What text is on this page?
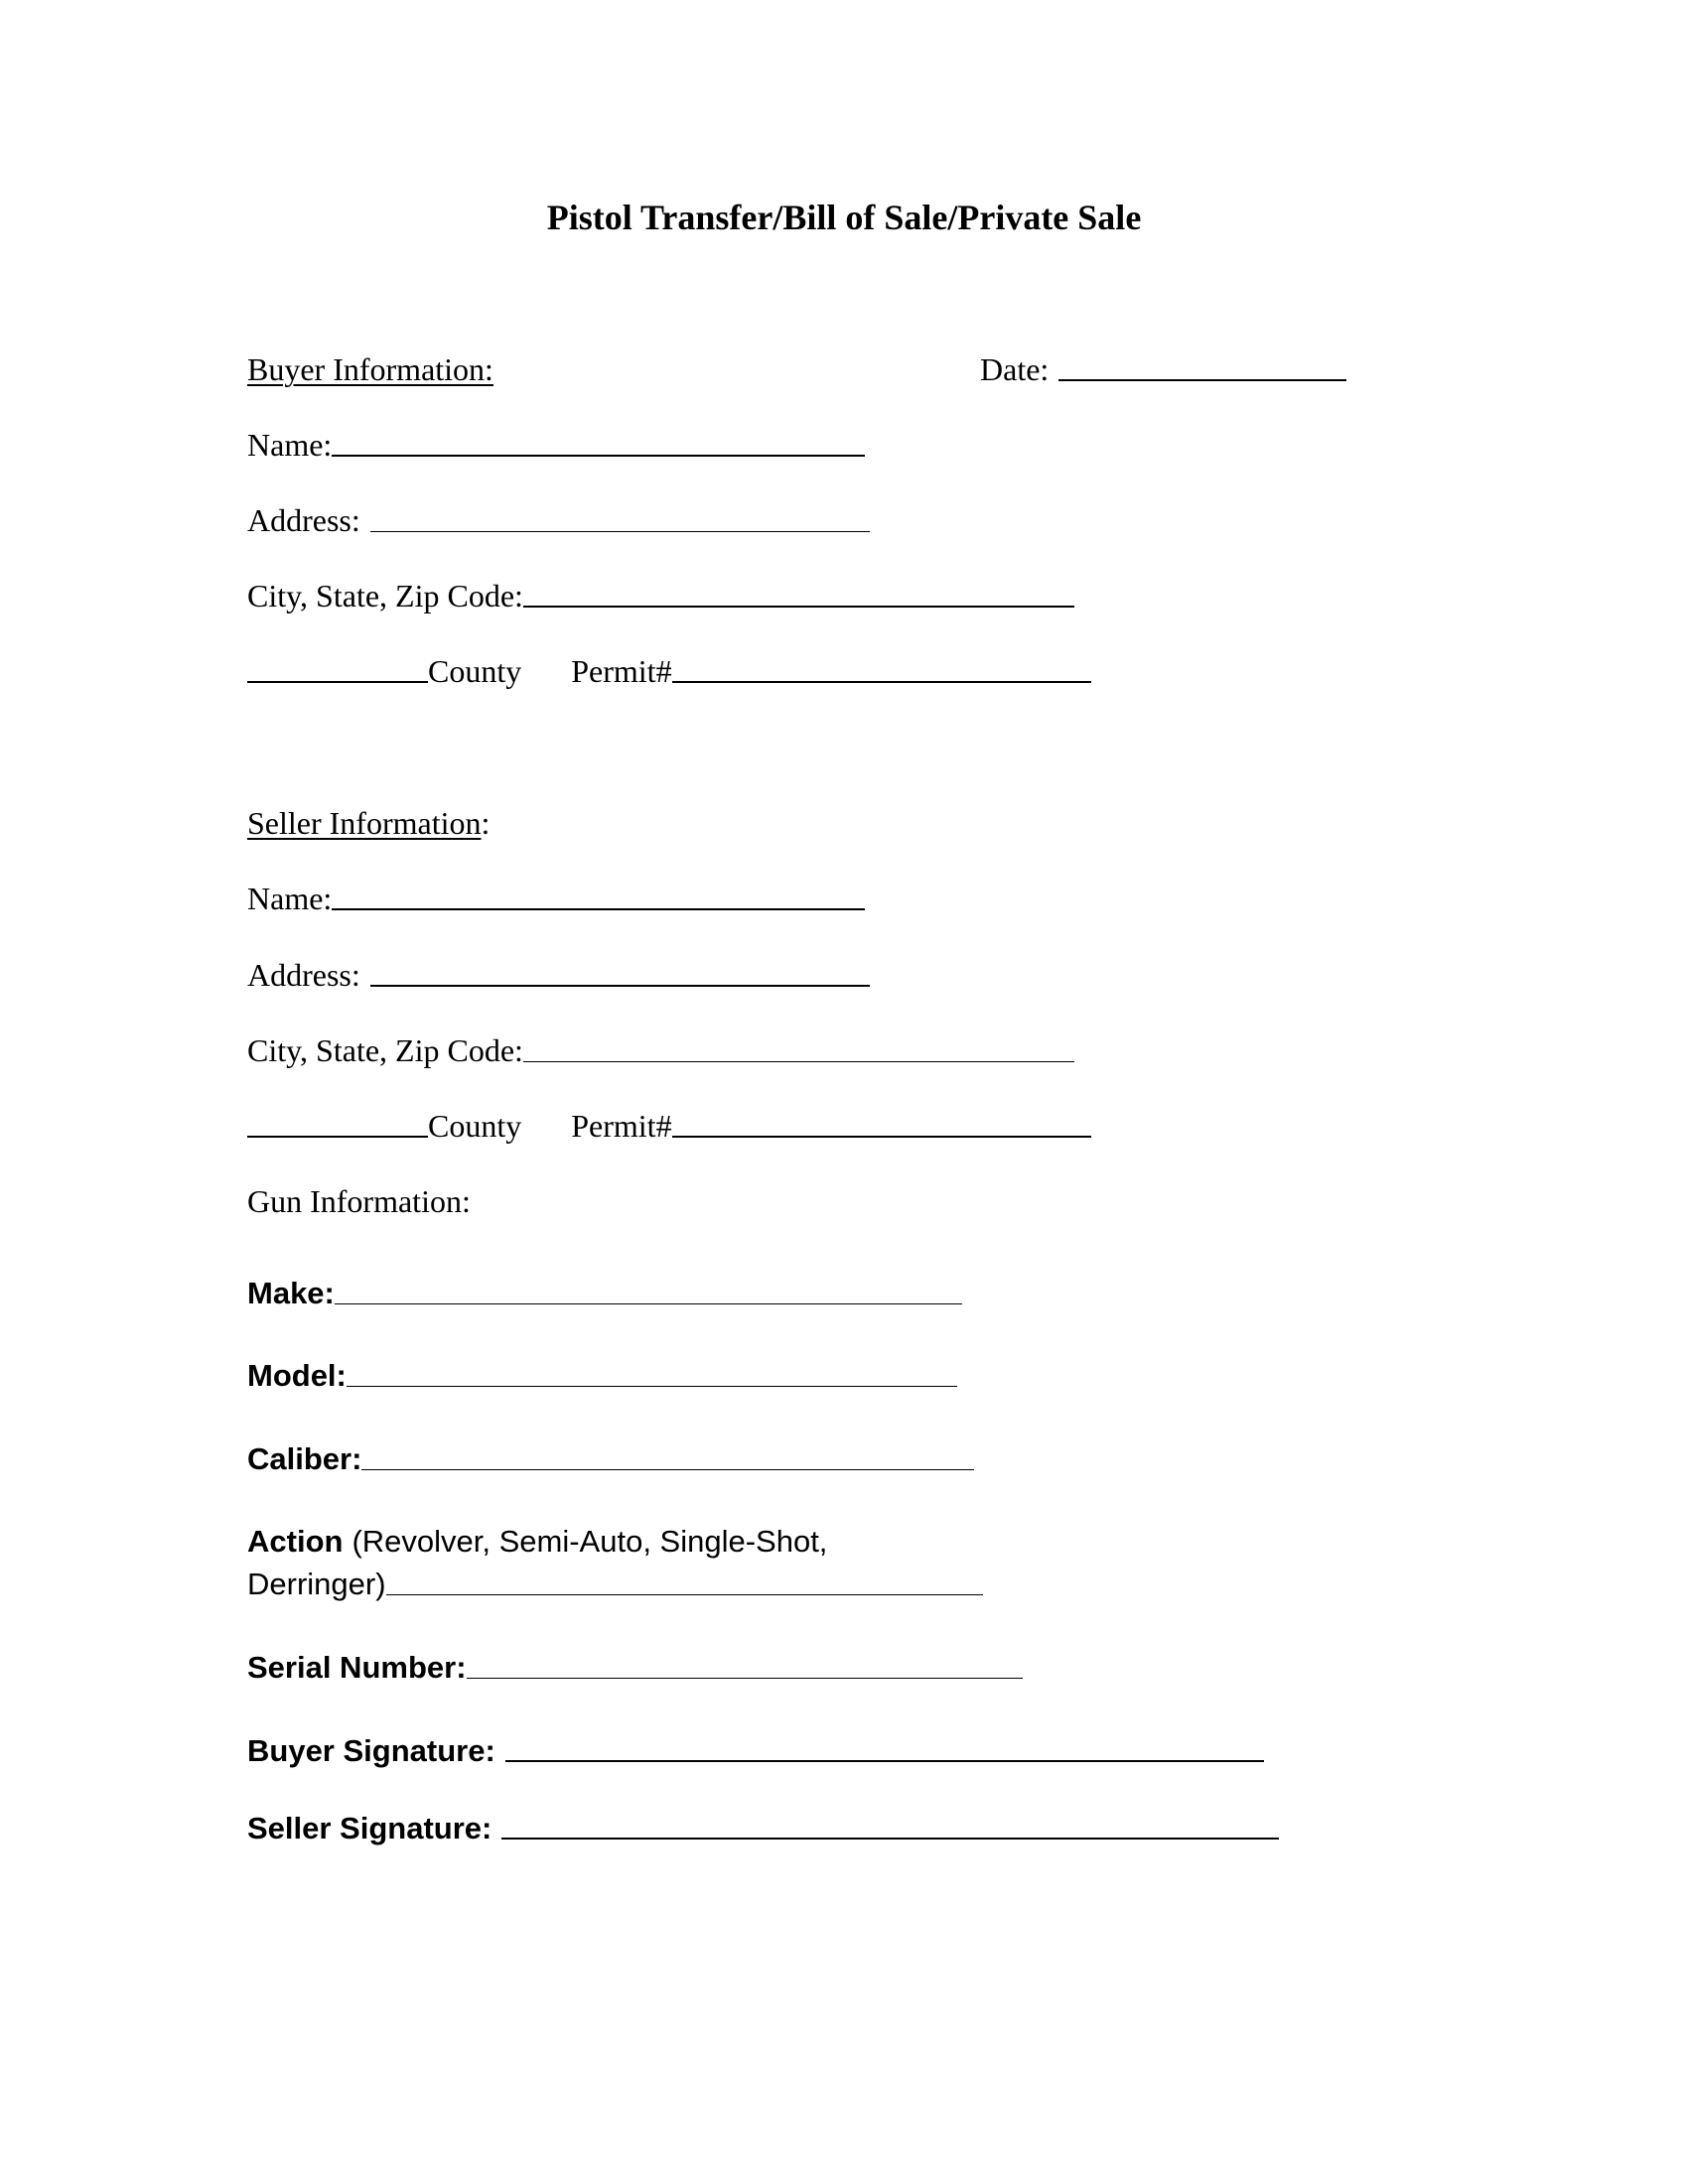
Pistol Transfer/Bill of Sale/Private Sale
Buyer Information:	Date:
Name:
Address:
City, State, Zip Code:
County Permit#
Seller Information :
Name:
Address:
City, State, Zip Code:
County Permit#
Gun Information:
Make:
Model:
Caliber:
Action (Revolver, Semi-Auto, Single-Shot,
Derringer)
Serial Number:
Buyer Signature:
Seller Signature:
